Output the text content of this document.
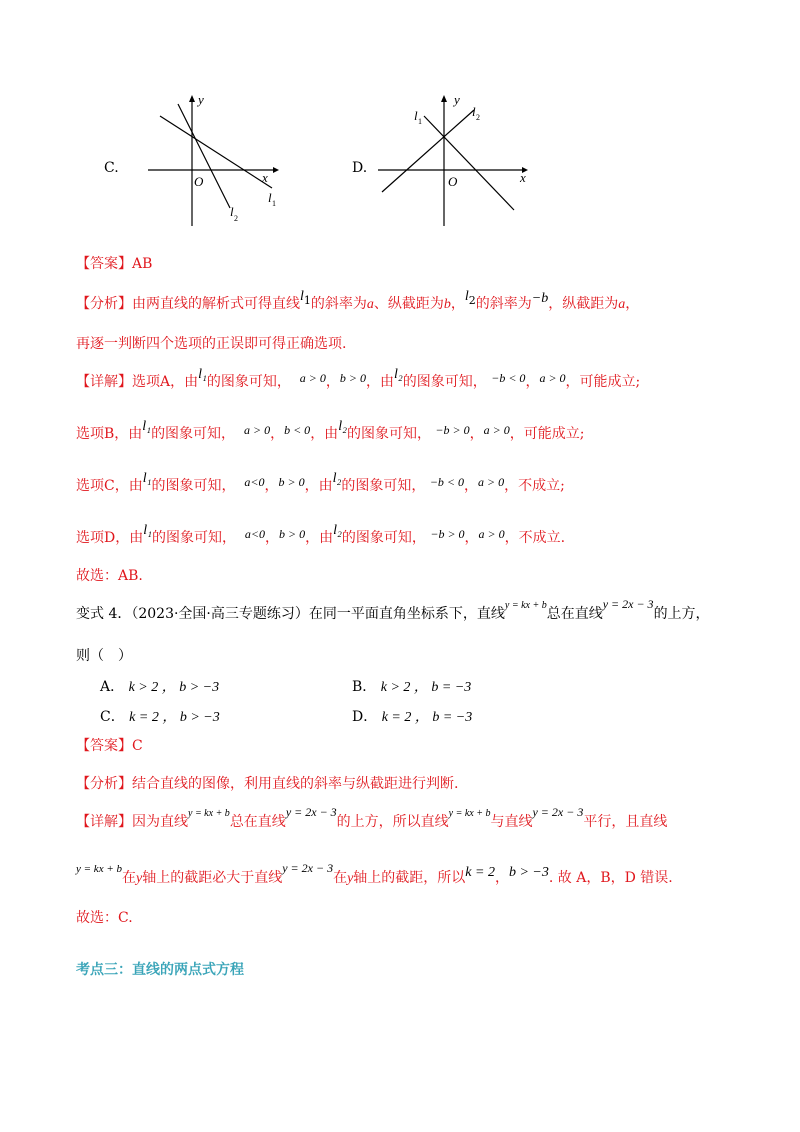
C.
y
x
O
l 1
l 2
D.
y
x
O
l 1
l 2
【答案】AB
【分析】由两直线的解析式可得直线$l^1$的斜率为a、纵截距为b，$l^2$的斜率为−b，纵截距为a，
再逐一判断四个选项的正误即可得正确选项.
【详解】选项A，由l₁的图象可知， a > 0，b > 0，由l₂的图象可知， −b < 0，a > 0，可能成立;
选项B，由l₁的图象可知， a > 0，b < 0，由l₂的图象可知， −b > 0，a > 0，可能成立;
选项C，由l₁的图象可知， a<0，b > 0，由l₂的图象可知， −b < 0，a > 0，不成立;
选项D，由l₁的图象可知， a<0，b > 0，由l₂的图象可知， −b > 0，a > 0，不成立.
故选：AB.
变式 4．（2023·全国·高三专题练习）在同一平面直角坐标系下，直线$^{y = kx + b}$总在直线y = 2x − 3的上方，
则（　）
A． k > 2 ， b > −3	B． k > 2 ， b = −3
C． k = 2 ， b > −3	D． k = 2 ， b = −3
【答案】C
【分析】结合直线的图像，利用直线的斜率与纵截距进行判断.
【详解】因为直线$^{y = kx + b}$总在直线y = 2x − 3的上方，所以直线$^{y = kx + b}$与直线y = 2x − 3平行，且直线
$^{y = kx + b}$在y轴上的截距必大于直线y = 2x − 3在y轴上的截距，所以k = 2，b > −3. 故 A，B，D 错误.
故选：C.
考点三：直线的两点式方程
